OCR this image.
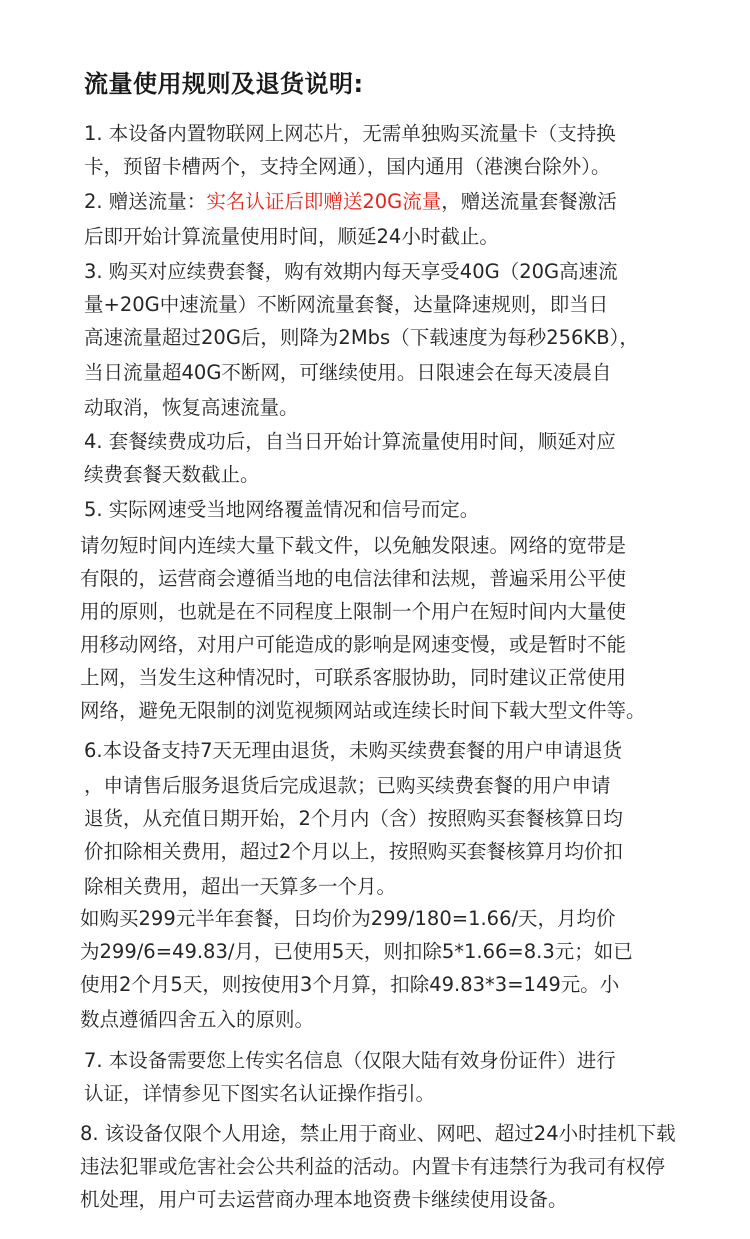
流量使用规则及退货说明:
1. 本设备内置物联网上网芯片，无需单独购买流量卡（支持换
卡，预留卡槽两个，支持全网通），国内通用（港澳台除外）。
2. 赠送流量：实名认证后即赠送20G流量，赠送流量套餐激活
后即开始计算流量使用时间，顺延24小时截止。
3. 购买对应续费套餐，购有效期内每天享受40G（20G高速流
量+20G中速流量）不断网流量套餐，达量降速规则，即当日
高速流量超过20G后，则降为2Mbs（下载速度为每秒256KB），
当日流量超40G不断网，可继续使用。日限速会在每天凌晨自
动取消，恢复高速流量。
4. 套餐续费成功后，自当日开始计算流量使用时间，顺延对应
续费套餐天数截止。
5. 实际网速受当地网络覆盖情况和信号而定。
请勿短时间内连续大量下载文件，以免触发限速。网络的宽带是
有限的，运营商会遵循当地的电信法律和法规，普遍采用公平使
用的原则，也就是在不同程度上限制一个用户在短时间内大量使
用移动网络，对用户可能造成的影响是网速变慢，或是暂时不能
上网，当发生这种情况时，可联系客服协助，同时建议正常使用
网络，避免无限制的浏览视频网站或连续长时间下载大型文件等。
6.本设备支持7天无理由退货，未购买续费套餐的用户申请退货
，申请售后服务退货后完成退款；已购买续费套餐的用户申请
退货，从充值日期开始，2个月内（含）按照购买套餐核算日均
价扣除相关费用，超过2个月以上，按照购买套餐核算月均价扣
除相关费用，超出一天算多一个月。
如购买299元半年套餐，日均价为299/180=1.66/天，月均价
为299/6=49.83/月，已使用5天，则扣除5*1.66=8.3元；如已
使用2个月5天，则按使用3个月算，扣除49.83*3=149元。小
数点遵循四舍五入的原则。
7. 本设备需要您上传实名信息（仅限大陆有效身份证件）进行
认证，详情参见下图实名认证操作指引。
8. 该设备仅限个人用途，禁止用于商业、网吧、超过24小时挂机下载
违法犯罪或危害社会公共利益的活动。内置卡有违禁行为我司有权停
机处理，用户可去运营商办理本地资费卡继续使用设备。
